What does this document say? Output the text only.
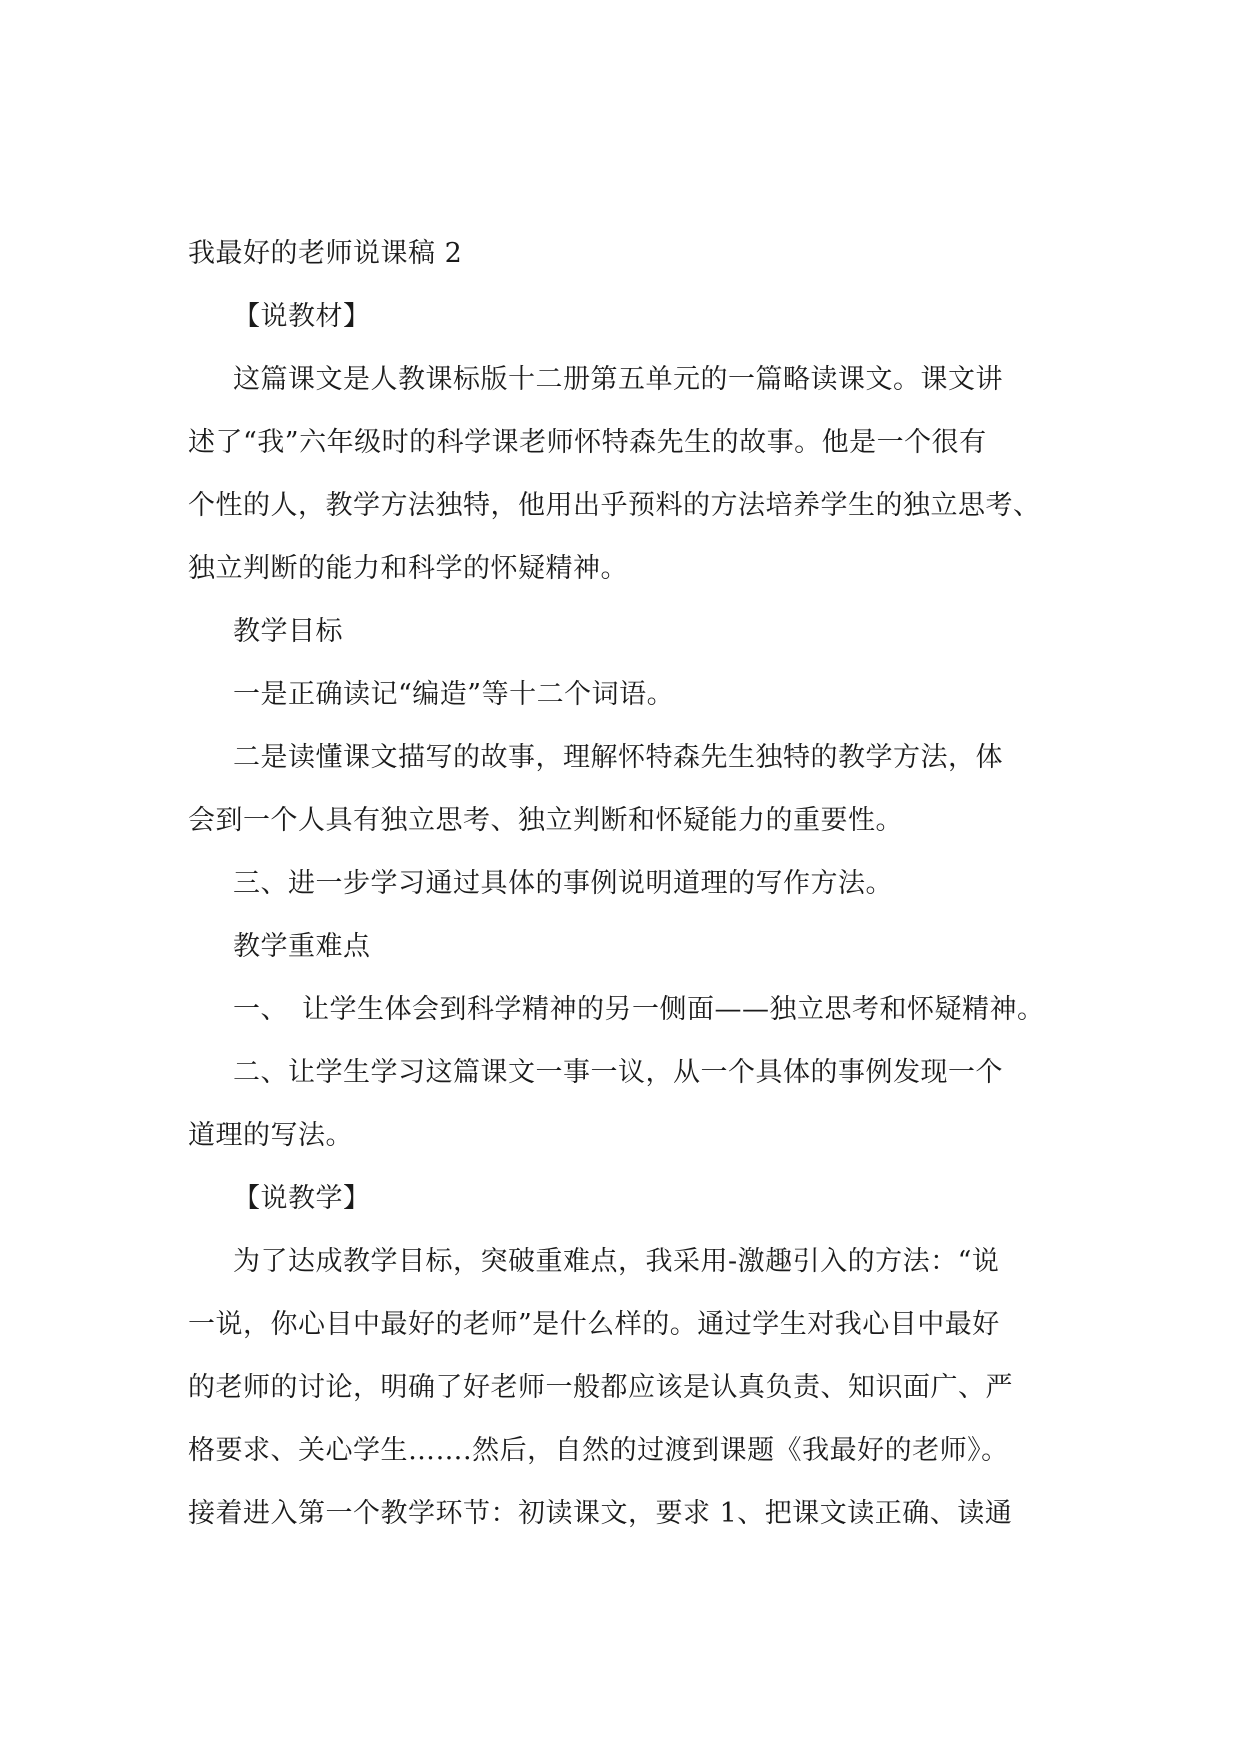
我最好的老师说课稿 2
【说教材】
这篇课文是人教课标版十二册第五单元的一篇略读课文。课文讲
述了“我”六年级时的科学课老师怀特森先生的故事。他是一个很有
个性的人，教学方法独特，他用出乎预料的方法培养学生的独立思考、
独立判断的能力和科学的怀疑精神。
教学目标
一是正确读记“编造”等十二个词语。
二是读懂课文描写的故事，理解怀特森先生独特的教学方法，体
会到一个人具有独立思考、独立判断和怀疑能力的重要性。
三、进一步学习通过具体的事例说明道理的写作方法。
教学重难点
一、　让学生体会到科学精神的另一侧面——独立思考和怀疑精神。
二、让学生学习这篇课文一事一议，从一个具体的事例发现一个
道理的写法。
【说教学】
为了达成教学目标，突破重难点，我采用-激趣引入的方法：“说
一说，你心目中最好的老师”是什么样的。通过学生对我心目中最好
的老师的讨论，明确了好老师一般都应该是认真负责、知识面广、严
格要求、关心学生…….然后，自然的过渡到课题《我最好的老师》。
接着进入第一个教学环节：初读课文，要求 1、把课文读正确、读通
